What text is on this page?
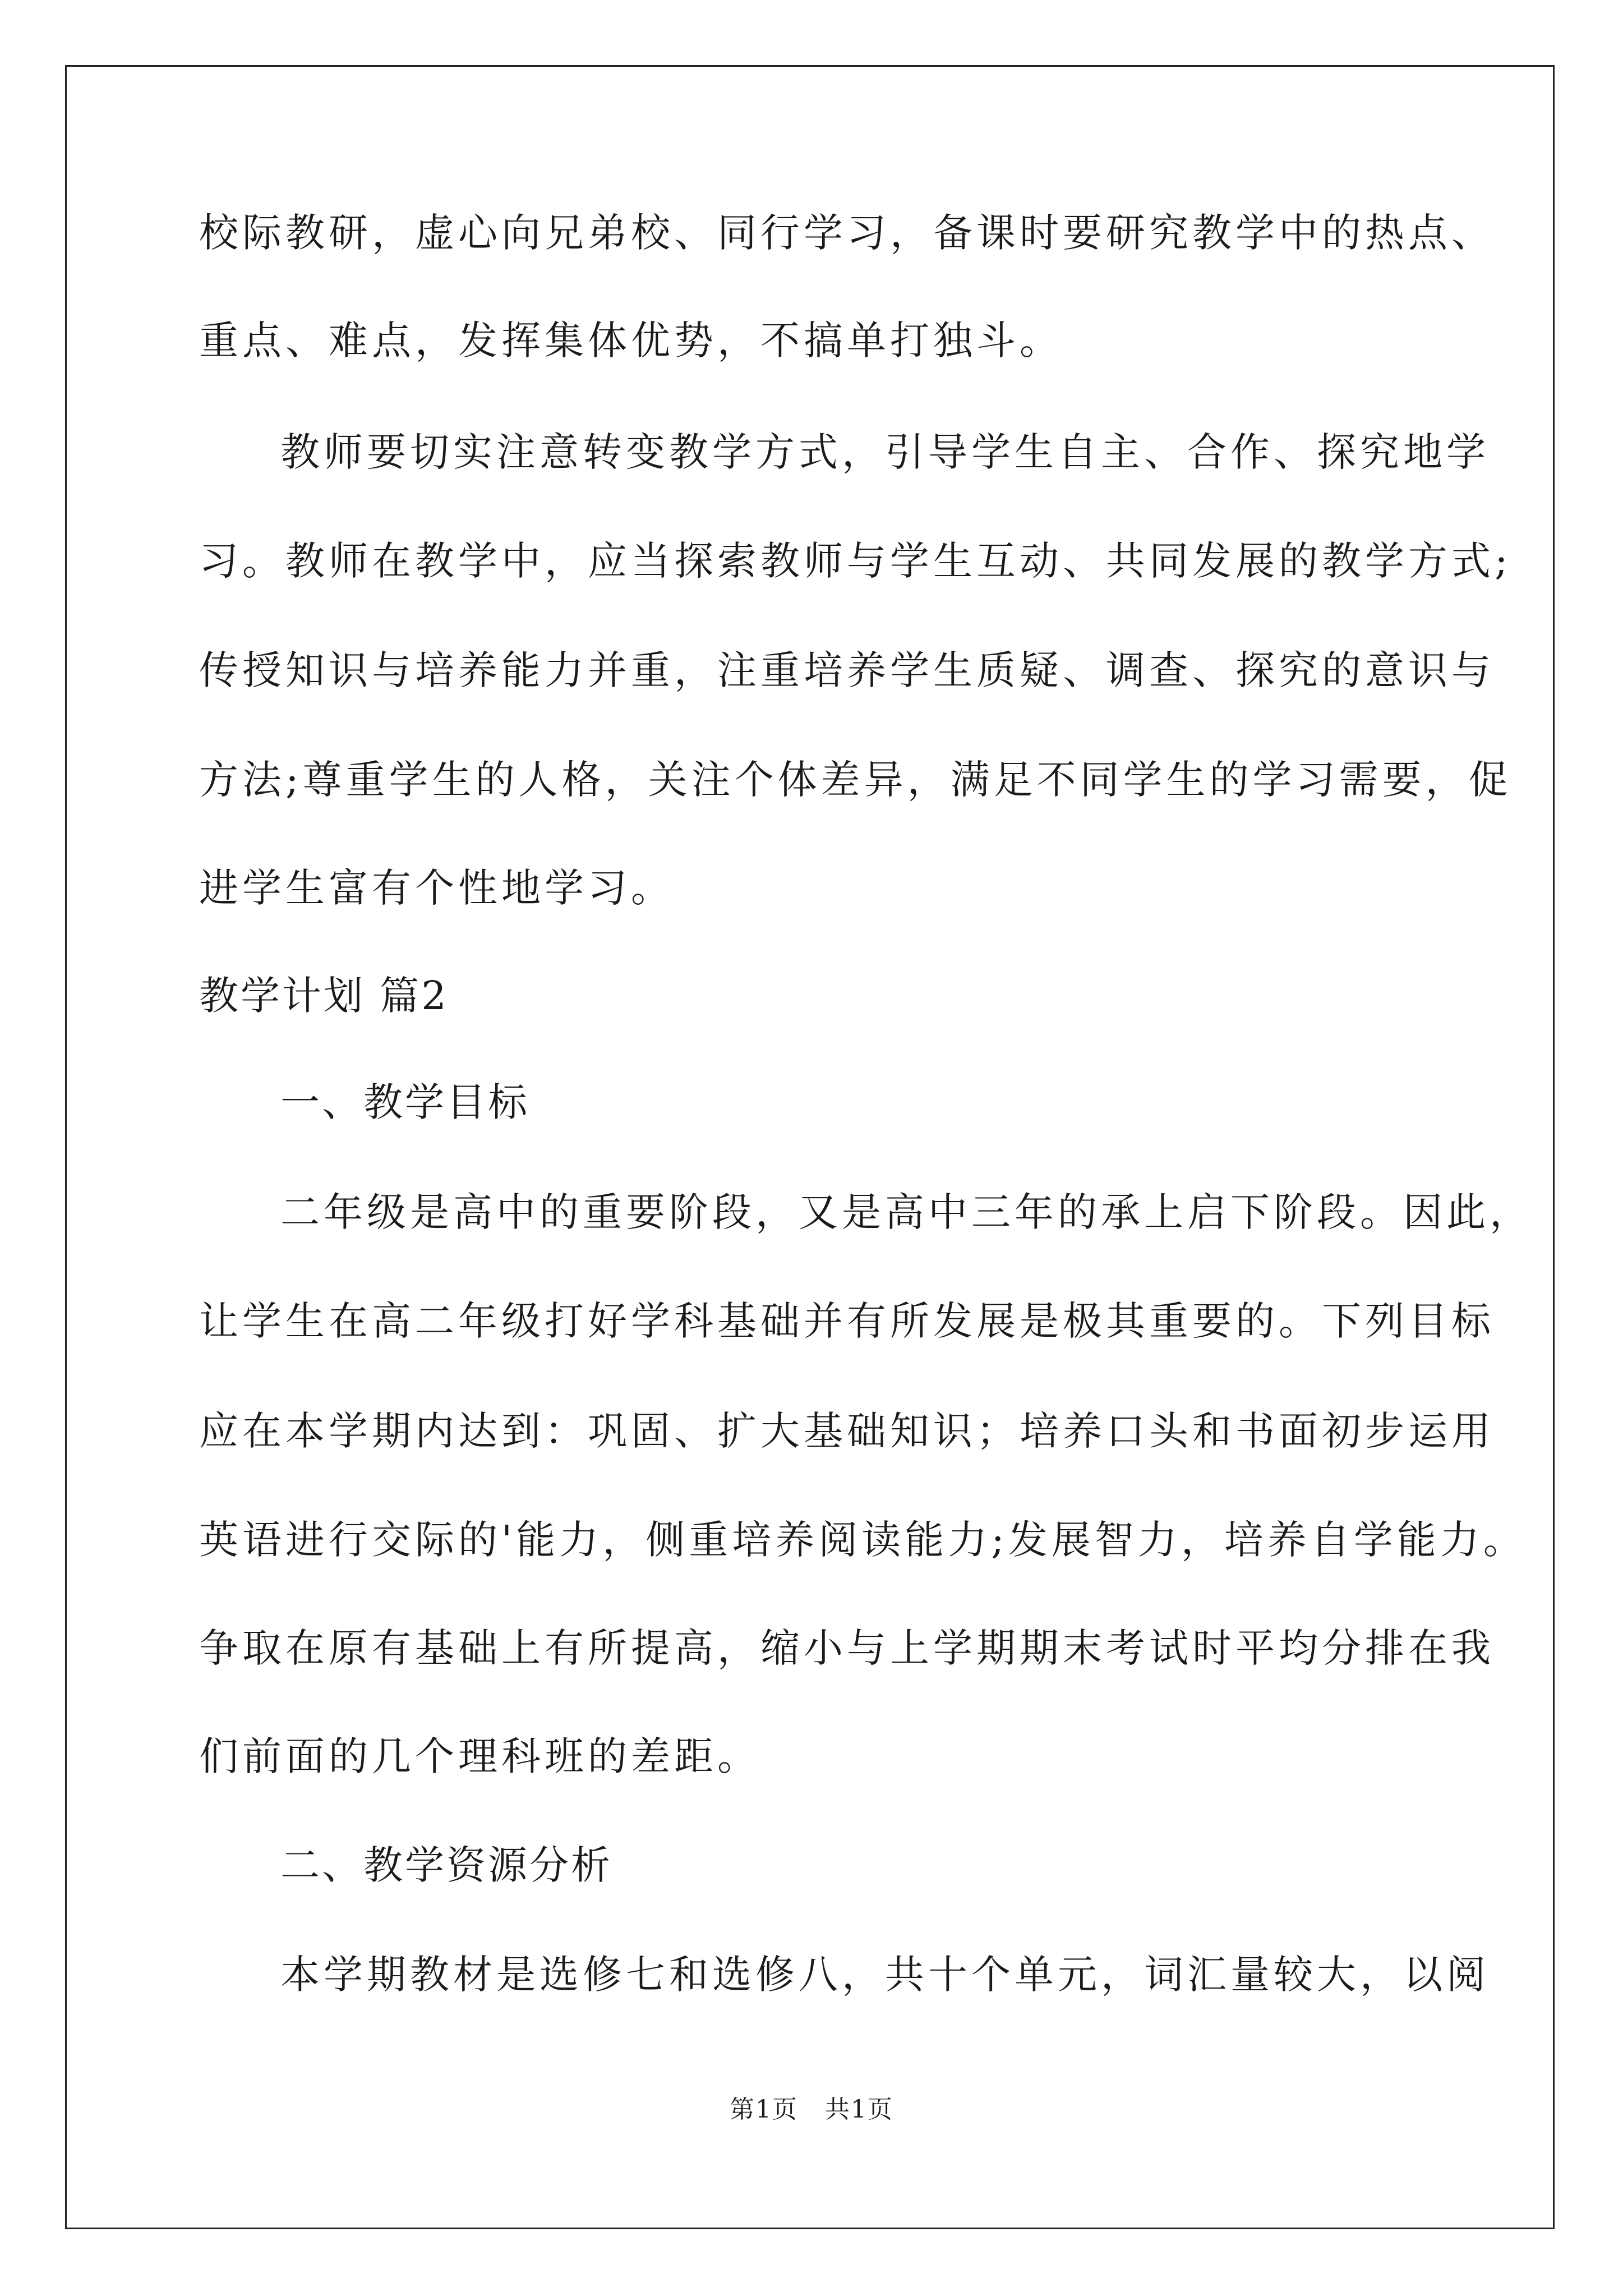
校际教研，虚心向兄弟校、同行学习，备课时要研究教学中的热点、
重点、难点，发挥集体优势，不搞单打独斗。
教师要切实注意转变教学方式，引导学生自主、合作、探究地学
习。教师在教学中，应当探索教师与学生互动、共同发展的教学方式;
传授知识与培养能力并重，注重培养学生质疑、调查、探究的意识与
方法;尊重学生的人格，关注个体差异，满足不同学生的学习需要，促
进学生富有个性地学习。
教学计划 篇2
一、教学目标
二年级是高中的重要阶段，又是高中三年的承上启下阶段。因此，
让学生在高二年级打好学科基础并有所发展是极其重要的。下列目标
应在本学期内达到：巩固、扩大基础知识；培养口头和书面初步运用
英语进行交际的'能力，侧重培养阅读能力;发展智力，培养自学能力。
争取在原有基础上有所提高，缩小与上学期期末考试时平均分排在我
们前面的几个理科班的差距。
二、教学资源分析
本学期教材是选修七和选修八，共十个单元，词汇量较大，以阅
第1页   共1页
